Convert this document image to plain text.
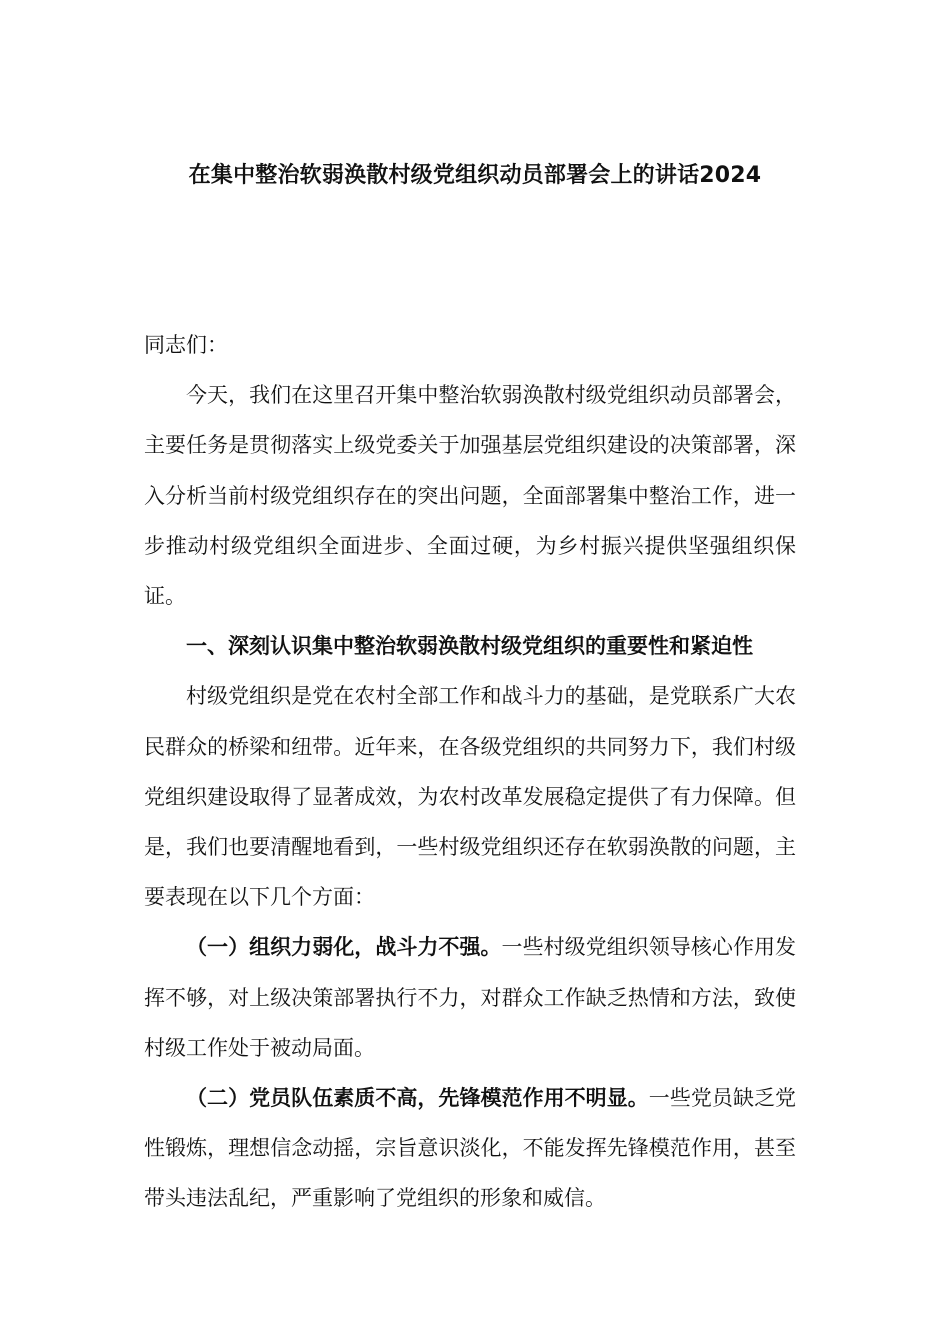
在集中整治软弱涣散村级党组织动员部署会上的讲话2024

同志们：

今天，我们在这里召开集中整治软弱涣散村级党组织动员部署会，主要任务是贯彻落实上级党委关于加强基层党组织建设的决策部署，深入分析当前村级党组织存在的突出问题，全面部署集中整治工作，进一步推动村级党组织全面进步、全面过硬，为乡村振兴提供坚强组织保证。

一、深刻认识集中整治软弱涣散村级党组织的重要性和紧迫性

村级党组织是党在农村全部工作和战斗力的基础，是党联系广大农民群众的桥梁和纽带。近年来，在各级党组织的共同努力下，我们村级党组织建设取得了显著成效，为农村改革发展稳定提供了有力保障。但是，我们也要清醒地看到，一些村级党组织还存在软弱涣散的问题，主要表现在以下几个方面：

（一）组织力弱化，战斗力不强。一些村级党组织领导核心作用发挥不够，对上级决策部署执行不力，对群众工作缺乏热情和方法，致使村级工作处于被动局面。

（二）党员队伍素质不高，先锋模范作用不明显。一些党员缺乏党性锻炼，理想信念动摇，宗旨意识淡化，不能发挥先锋模范作用，甚至带头违法乱纪，严重影响了党组织的形象和威信。
